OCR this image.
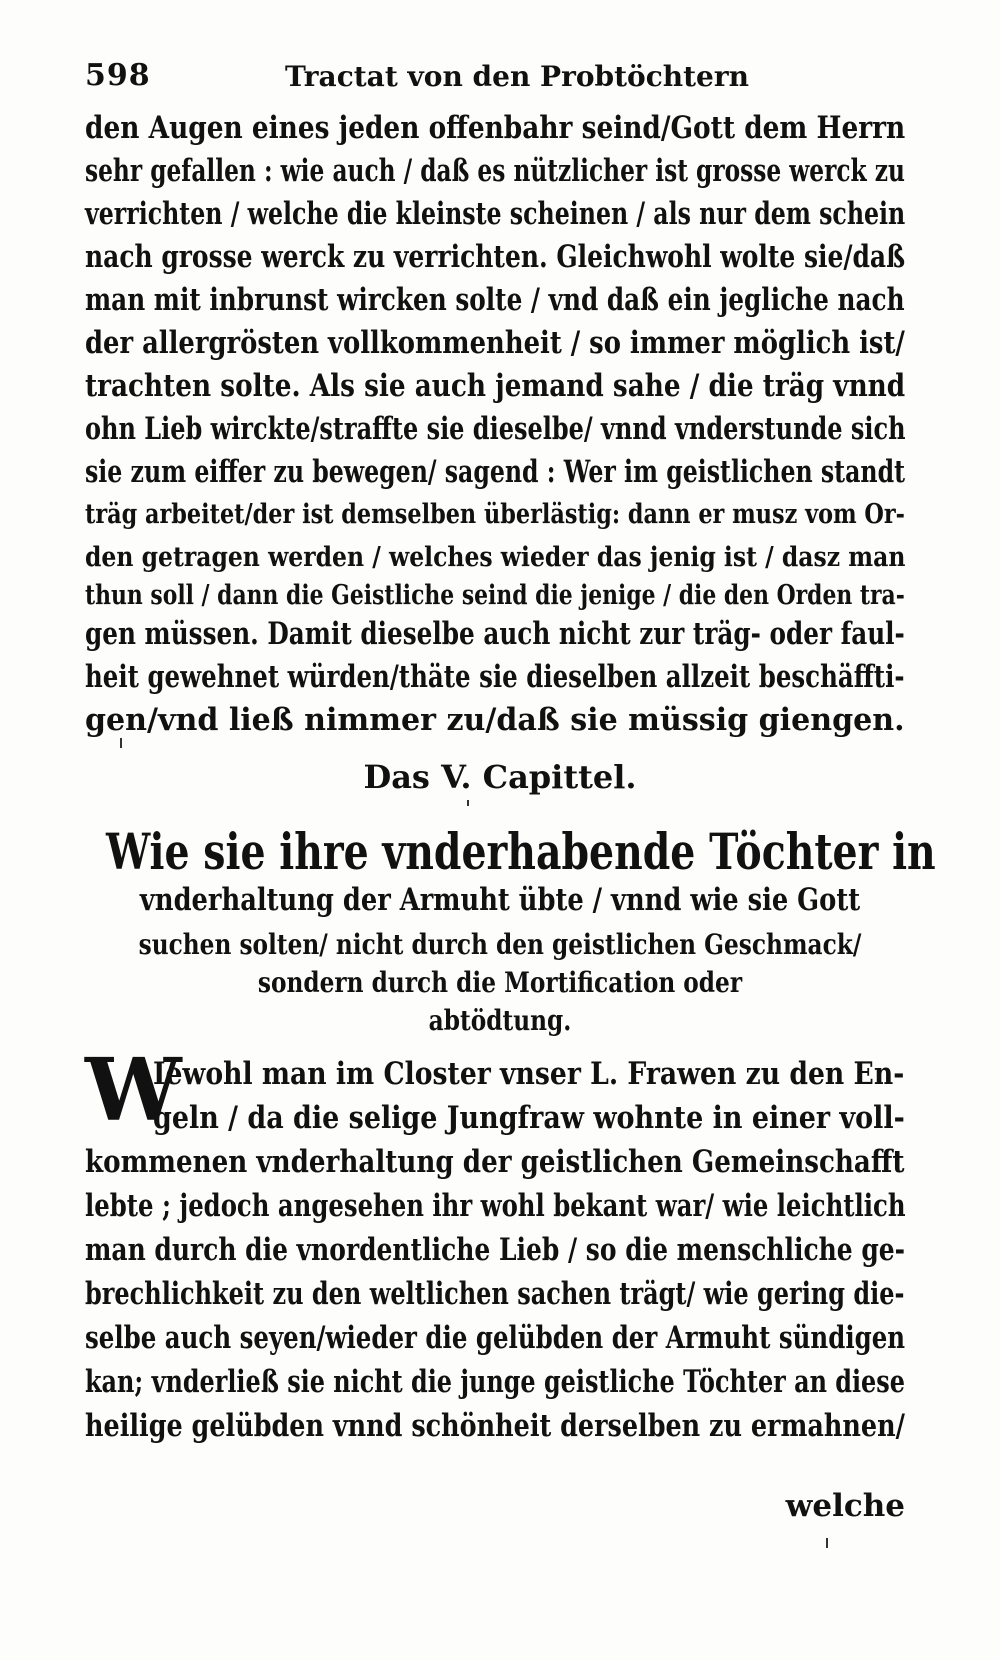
598	Tractat von den Probtöchtern
den Augen eines jeden offenbahr seind/Gott dem Herrn
sehr gefallen : wie auch / daß es nützlicher ist grosse werck zu
verrichten / welche die kleinste scheinen / als nur dem schein
nach grosse werck zu verrichten. Gleichwohl wolte sie/daß
man mit inbrunst wircken solte / vnd daß ein jegliche nach
der allergrösten vollkommenheit / so immer möglich ist/
trachten solte. Als sie auch jemand sahe / die träg vnnd
ohn Lieb wirckte/straffte sie dieselbe/ vnnd vnderstunde sich
sie zum eiffer zu bewegen/ sagend : Wer im geistlichen standt
träg arbeitet/der ist demselben überlästig: dann er musz vom Or-
den getragen werden / welches wieder das jenig ist / dasz man
thun soll / dann die Geistliche seind die jenige / die den Orden tra-
gen müssen. Damit dieselbe auch nicht zur träg- oder faul-
heit gewehnet würden/thäte sie dieselben allzeit beschäffti-
gen/vnd ließ nimmer zu/daß sie müssig giengen.
Das V. Capittel.
Wie sie ihre vnderhabende Töchter in
vnderhaltung der Armuht übte / vnnd wie sie Gott
suchen solten/ nicht durch den geistlichen Geschmack/
sondern durch die Mortification oder
abtödtung.
W
Iewohl man im Closter vnser L. Frawen zu den En-
geln / da die selige Jungfraw wohnte in einer voll-
kommenen vnderhaltung der geistlichen Gemeinschafft
lebte ; jedoch angesehen ihr wohl bekant war/ wie leichtlich
man durch die vnordentliche Lieb / so die menschliche ge-
brechlichkeit zu den weltlichen sachen trägt/ wie gering die-
selbe auch seyen/wieder die gelübden der Armuht sündigen
kan; vnderließ sie nicht die junge geistliche Töchter an diese
heilige gelübden vnnd schönheit derselben zu ermahnen/
welche
